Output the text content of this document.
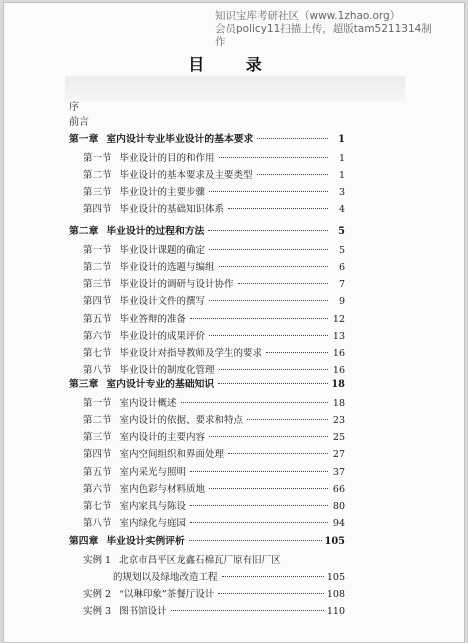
知识宝库考研社区（www.1zhao.org）
会员policy11扫描上传，超版tam5211314制作
目 录
序
前言
第一章 室内设计专业毕业设计的基本要求	1
第一节 毕业设计的目的和作用	1
第二节 毕业设计的基本要求及主要类型	1
第三节 毕业设计的主要步骤	3
第四节 毕业设计的基础知识体系	4
第二章 毕业设计的过程和方法	5
第一节 毕业设计课题的确定	5
第二节 毕业设计的选题与编组	6
第三节 毕业设计的调研与设计协作	7
第四节 毕业设计文件的撰写	9
第五节 毕业答辩的准备	12
第六节 毕业设计的成果评价	13
第七节 毕业设计对指导教师及学生的要求	16
第八节 毕业设计的制度化管理	16
第三章 室内设计专业的基础知识	18
第一节 室内设计概述	18
第二节 室内设计的依据、要求和特点	23
第三节 室内设计的主要内容	25
第四节 室内空间组织和界面处理	27
第五节 室内采光与照明	37
第六节 室内色彩与材料质地	66
第七节 室内家具与陈设	80
第八节 室内绿化与庭园	94
第四章 毕业设计实例评析	105
实例 1 北京市昌平区龙鑫石棉瓦厂原有旧厂区
的规划以及绿地改造工程	105
实例 2 “以琳印象”茶餐厅设计	108
实例 3 图书馆设计	110
